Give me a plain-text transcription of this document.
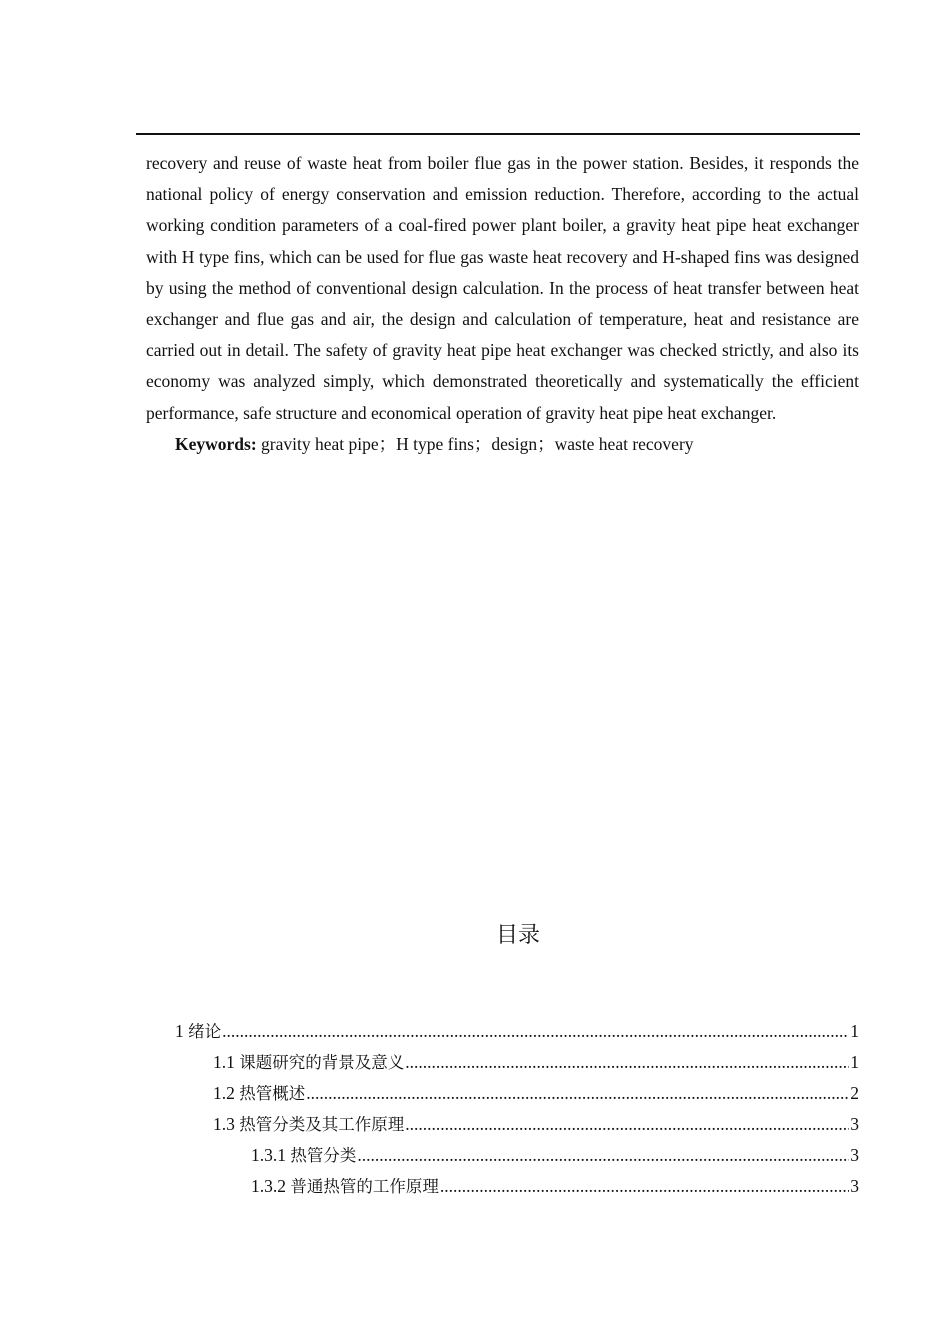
recovery and reuse of waste heat from boiler flue gas in the power station. Besides, it responds the national policy of energy conservation and emission reduction. Therefore, according to the actual working condition parameters of a coal-fired power plant boiler, a gravity heat pipe heat exchanger with H type fins, which can be used for flue gas waste heat recovery and H-shaped fins was designed by using the method of conventional design calculation. In the process of heat transfer between heat exchanger and flue gas and air, the design and calculation of temperature, heat and resistance are carried out in detail. The safety of gravity heat pipe heat exchanger was checked strictly, and also its economy was analyzed simply, which demonstrated theoretically and systematically the efficient performance, safe structure and economical operation of gravity heat pipe heat exchanger.

Keywords: gravity heat pipe；H type fins；design；waste heat recovery

目录
1 绪论 .....	1
1.1 课题研究的背景及意义 .....	1
1.2 热管概述 .....	2
1.3 热管分类及其工作原理 .....	3
1.3.1 热管分类 .....	3
1.3.2 普通热管的工作原理 .....	3
